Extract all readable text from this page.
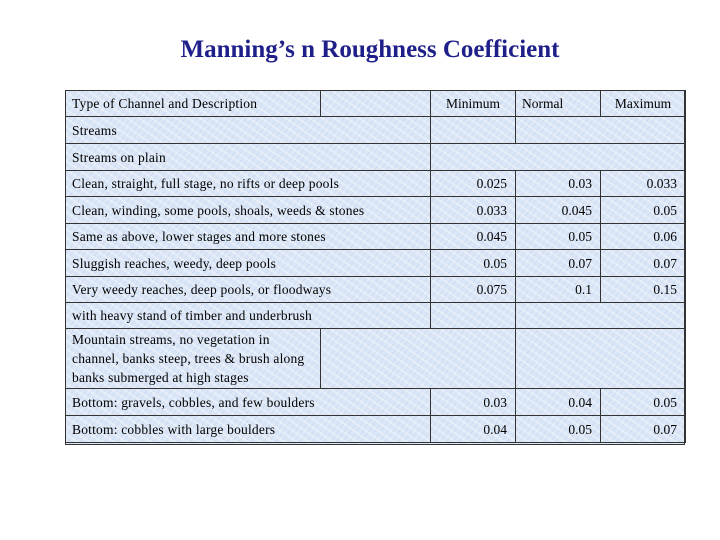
Manning’s n Roughness Coefficient
Type of Channel and Description		Minimum	Normal	Maximum
Streams				
Streams on plain				
Clean, straight, full stage, no rifts or deep pools		0.025	0.03	0.033
Clean, winding, some pools, shoals, weeds & stones		0.033	0.045	0.05
Same as above, lower stages and more stones		0.045	0.05	0.06
Sluggish reaches, weedy, deep pools		0.05	0.07	0.07
Very weedy reaches, deep pools, or floodways		0.075	0.1	0.15
with heavy stand of timber and underbrush				
Mountain streams, no vegetation in channel, banks steep, trees & brush along banks submerged at high stages				
Bottom: gravels, cobbles, and few boulders		0.03	0.04	0.05
Bottom: cobbles with large boulders		0.04	0.05	0.07
